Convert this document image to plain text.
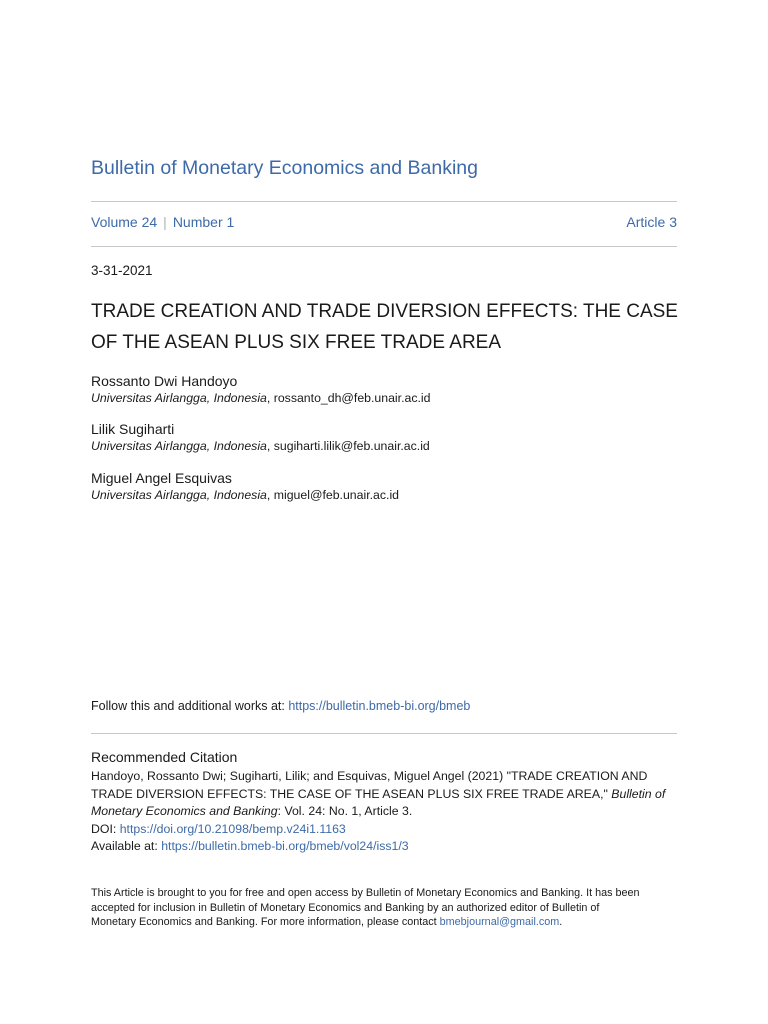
Bulletin of Monetary Economics and Banking
Volume 24 | Number 1	Article 3
3-31-2021
TRADE CREATION AND TRADE DIVERSION EFFECTS: THE CASE
OF THE ASEAN PLUS SIX FREE TRADE AREA
Rossanto Dwi Handoyo
Universitas Airlangga, Indonesia, rossanto_dh@feb.unair.ac.id
Lilik Sugiharti
Universitas Airlangga, Indonesia, sugiharti.lilik@feb.unair.ac.id
Miguel Angel Esquivas
Universitas Airlangga, Indonesia, miguel@feb.unair.ac.id
Follow this and additional works at: https://bulletin.bmeb-bi.org/bmeb
Recommended Citation
Handoyo, Rossanto Dwi; Sugiharti, Lilik; and Esquivas, Miguel Angel (2021) "TRADE CREATION AND
TRADE DIVERSION EFFECTS: THE CASE OF THE ASEAN PLUS SIX FREE TRADE AREA," Bulletin of
Monetary Economics and Banking: Vol. 24: No. 1, Article 3.
DOI: https://doi.org/10.21098/bemp.v24i1.1163
Available at: https://bulletin.bmeb-bi.org/bmeb/vol24/iss1/3
This Article is brought to you for free and open access by Bulletin of Monetary Economics and Banking. It has been
accepted for inclusion in Bulletin of Monetary Economics and Banking by an authorized editor of Bulletin of
Monetary Economics and Banking. For more information, please contact bmebjournal@gmail.com.
